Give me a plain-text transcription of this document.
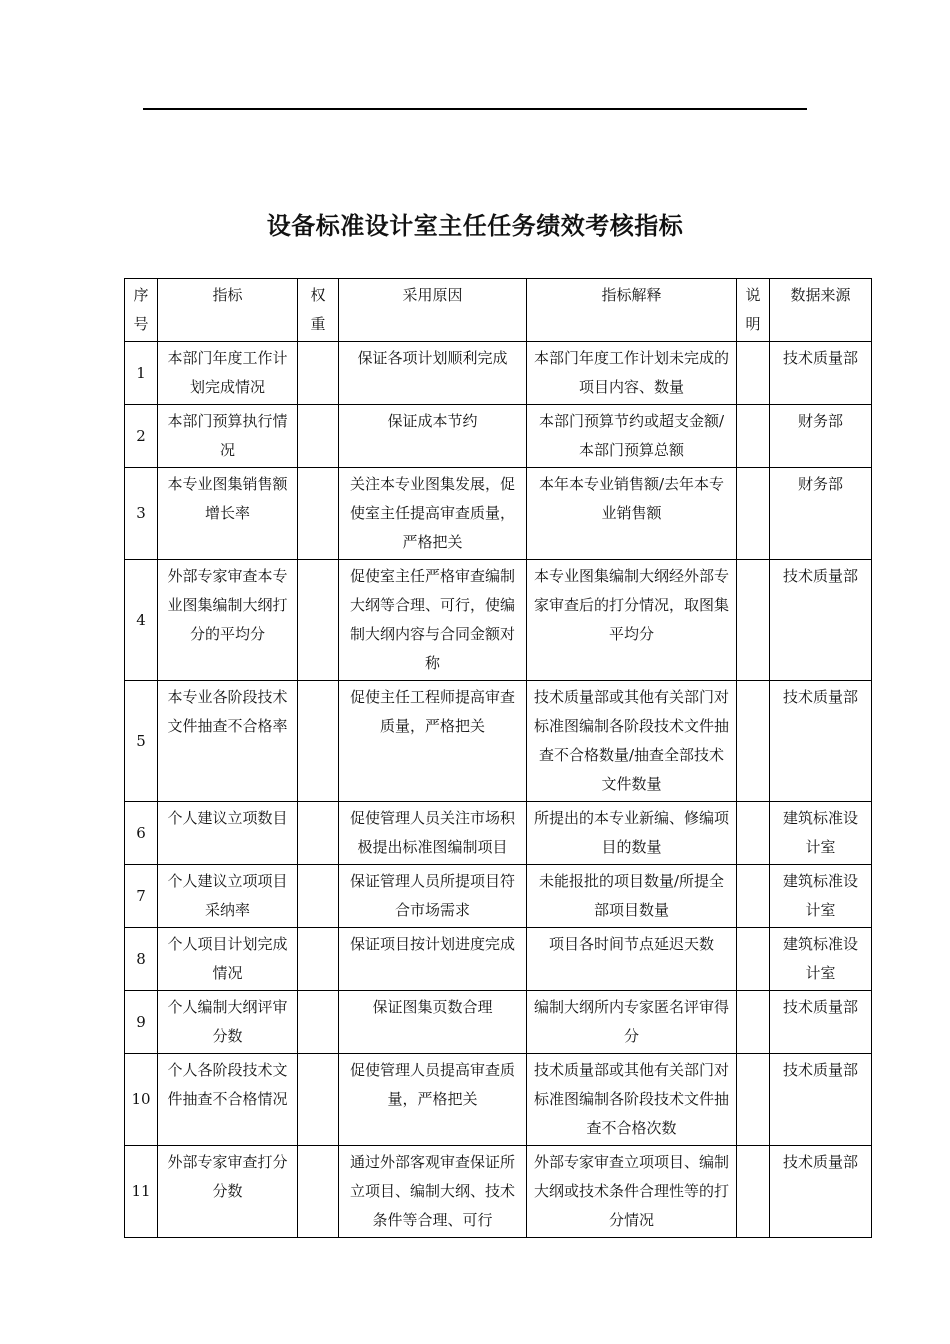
设备标准设计室主任任务绩效考核指标
序号	指标	权重	采用原因	指标解释	说明	数据来源
1	本部门年度工作计划完成情况		保证各项计划顺利完成	本部门年度工作计划未完成的项目内容、数量		技术质量部
2	本部门预算执行情况		保证成本节约	本部门预算节约或超支金额/本部门预算总额		财务部
3	本专业图集销售额增长率		关注本专业图集发展，促使室主任提高审查质量，严格把关	本年本专业销售额/去年本专业销售额		财务部
4	外部专家审查本专业图集编制大纲打分的平均分		促使室主任严格审查编制大纲等合理、可行，使编制大纲内容与合同金额对称	本专业图集编制大纲经外部专家审查后的打分情况，取图集平均分		技术质量部
5	本专业各阶段技术文件抽查不合格率		促使主任工程师提高审查质量，严格把关	技术质量部或其他有关部门对标准图编制各阶段技术文件抽查不合格数量/抽查全部技术文件数量		技术质量部
6	个人建议立项数目		促使管理人员关注市场积极提出标准图编制项目	所提出的本专业新编、修编项目的数量		建筑标准设计室
7	个人建议立项项目采纳率		保证管理人员所提项目符合市场需求	未能报批的项目数量/所提全部项目数量		建筑标准设计室
8	个人项目计划完成情况		保证项目按计划进度完成	项目各时间节点延迟天数		建筑标准设计室
9	个人编制大纲评审分数		保证图集页数合理	编制大纲所内专家匿名评审得分		技术质量部
10	个人各阶段技术文件抽查不合格情况		促使管理人员提高审查质量，严格把关	技术质量部或其他有关部门对标准图编制各阶段技术文件抽查不合格次数		技术质量部
11	外部专家审查打分分数		通过外部客观审查保证所立项目、编制大纲、技术条件等合理、可行	外部专家审查立项项目、编制大纲或技术条件合理性等的打分情况		技术质量部
